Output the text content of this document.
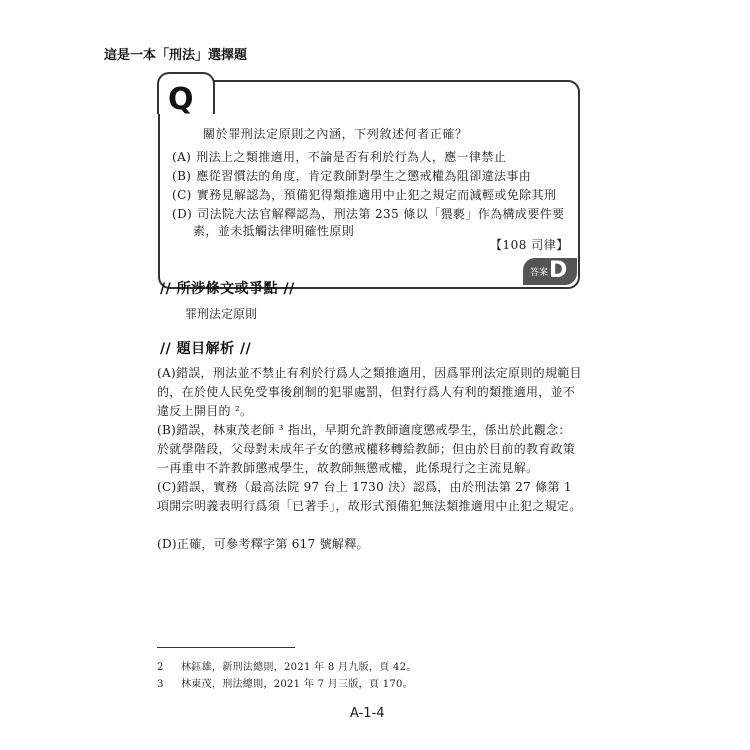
這是一本「刑法」選擇題
Q
關於罪刑法定原則之內涵，下列敘述何者正確？
(A) 刑法上之類推適用，不論是否有利於行為人，應一律禁止
(B) 應從習慣法的角度，肯定教師對學生之懲戒權為阻卻違法事由
(C) 實務見解認為，預備犯得類推適用中止犯之規定而減輕或免除其刑
(D) 司法院大法官解釋認為，刑法第 235 條以「猥褻」作為構成要件要
素，並未抵觸法律明確性原則
【108 司律】
答案 D
// 所涉條文或爭點 //
罪刑法定原則
// 題目解析 //
(A)錯誤，刑法並不禁止有利於行爲人之類推適用，因爲罪刑法定原則的規範目的，在於使人民免受事後創制的犯罪處罰，但對行爲人有利的類推適用，並不違反上開目的 ²。
(B)錯誤，林東茂老師 ³ 指出，早期允許教師適度懲戒學生，係出於此觀念：於就學階段，父母對未成年子女的懲戒權移轉給教師；但由於目前的教育政策一再重申不許教師懲戒學生，故教師無懲戒權，此係現行之主流見解。
(C)錯誤，實務（最高法院 97 台上 1730 決）認爲，由於刑法第 27 條第 1 項開宗明義表明行爲須「已著手」，故形式預備犯無法類推適用中止犯之規定。
(D)正確，可參考釋字第 617 號解釋。
2 林鈺雄，新刑法總則，2021 年 8 月九版，頁 42。
3 林東茂，刑法總則，2021 年 7 月三版，頁 170。
A-1-4
